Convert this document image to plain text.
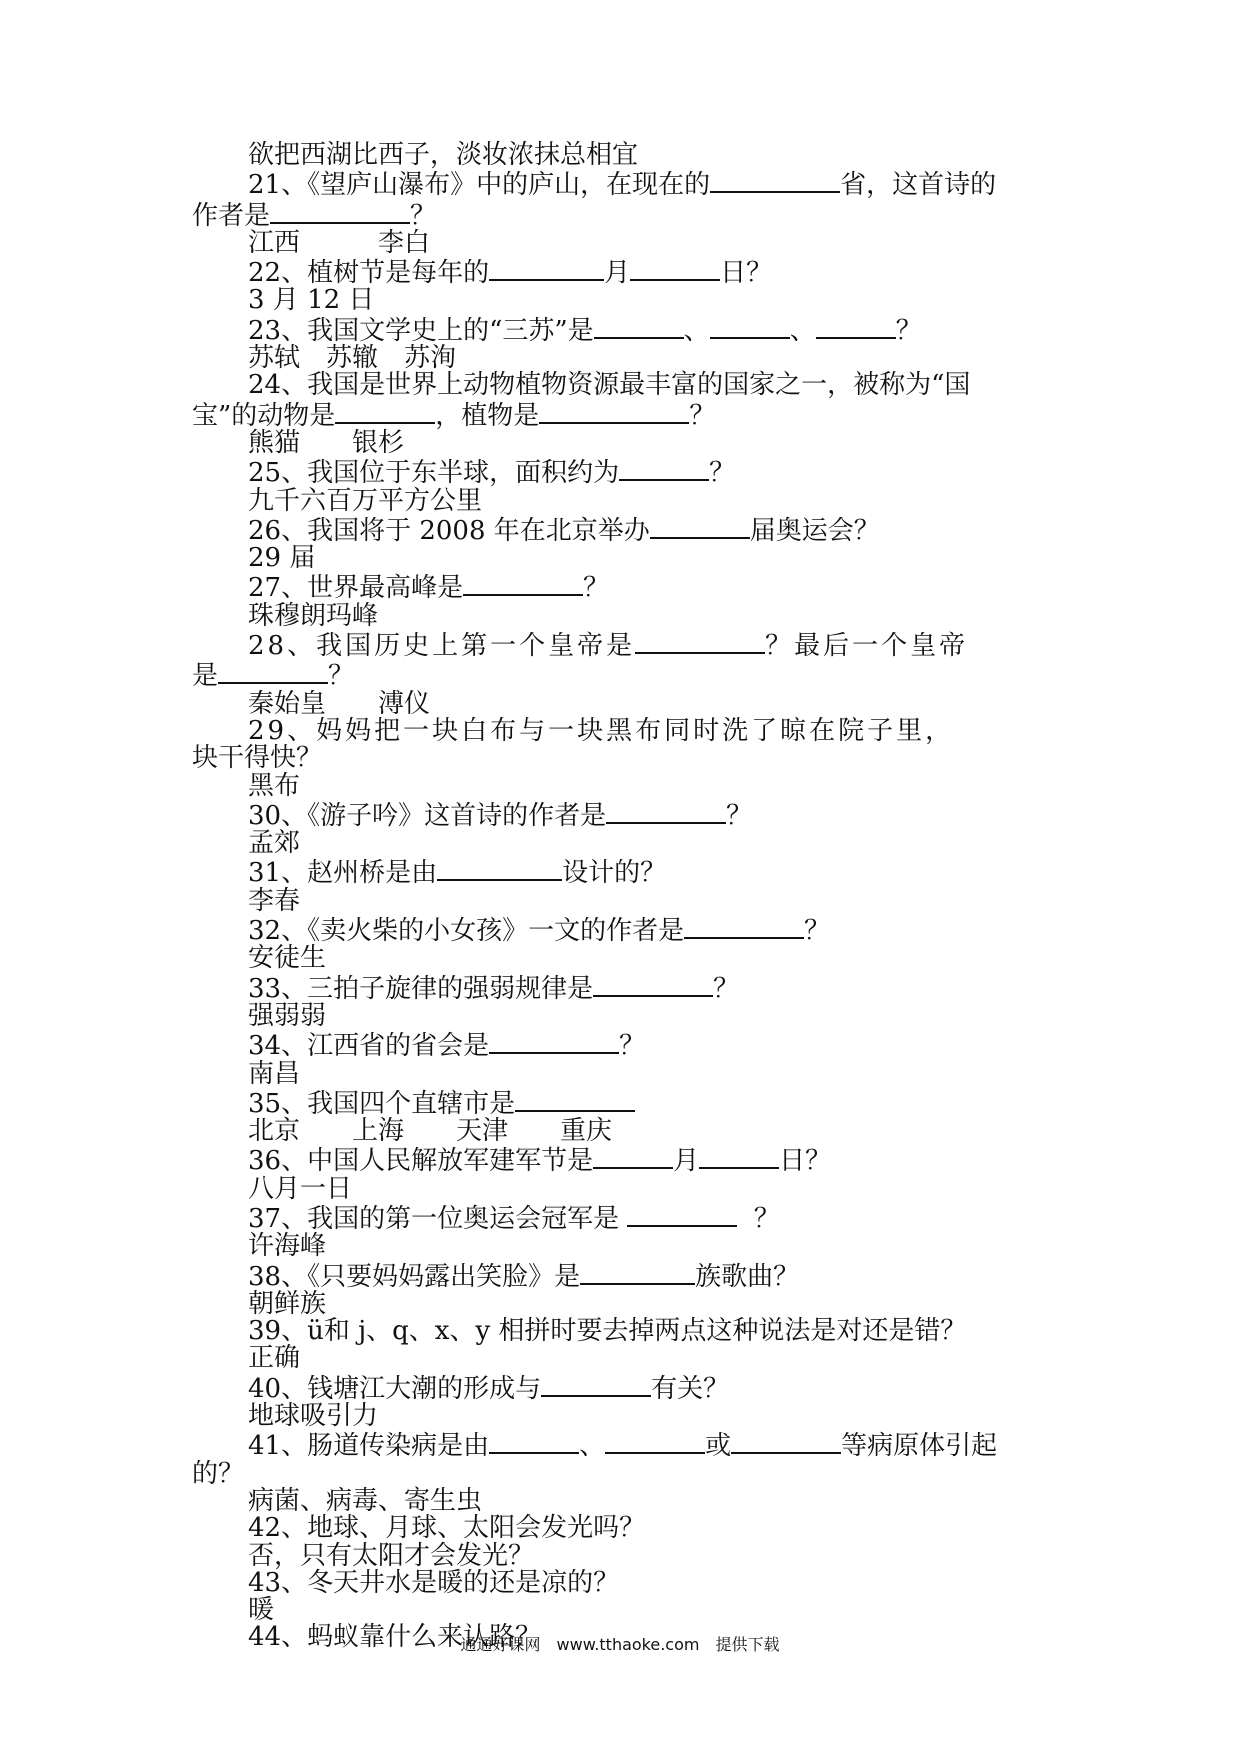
欲把西湖比西子，淡妆浓抹总相宜
21、《望庐山瀑布》中的庐山，在现在的	省，这首诗的
作者是	？
江西　　　李白
22、植树节是每年的	月	日？
3 月 12 日
23、我国文学史上的“三苏”是	、	、	？
苏轼　苏辙　苏洵
24、我国是世界上动物植物资源最丰富的国家之一，被称为“国
宝”的动物是	，植物是	？
熊猫　　银杉
25、我国位于东半球，面积约为	？
九千六百万平方公里
26、我国将于 2008 年在北京举办	届奥运会？
29 届
27、世界最高峰是	？
珠穆朗玛峰
28、我国历史上第一个皇帝是	？最后一个皇帝
是	？
秦始皇　　溥仪
29、妈妈把一块白布与一块黑布同时洗了晾在院子里，
块干得快？
黑布
30、《游子吟》这首诗的作者是	？
孟郊
31、赵州桥是由	设计的？
李春
32、《卖火柴的小女孩》一文的作者是	？
安徒生
33、三拍子旋律的强弱规律是	？
强弱弱
34、江西省的省会是	？
南昌
35、我国四个直辖市是
北京　　上海　　天津　　重庆
36、中国人民解放军建军节是	月	日？
八月一日
37、我国的第一位奥运会冠军是	？
许海峰
38、《只要妈妈露出笑脸》是	族歌曲？
朝鲜族
39、ü和 j、q、x、y 相拼时要去掉两点这种说法是对还是错？
正确
40、钱塘江大潮的形成与	有关？
地球吸引力
41、肠道传染病是由	、	或	等病原体引起
的？
病菌、病毒、寄生虫
42、地球、月球、太阳会发光吗？
否，只有太阳才会发光？
43、冬天井水是暖的还是凉的？
暖
44、蚂蚁靠什么来认路？
通通好课网　www.tthaoke.com　提供下载
